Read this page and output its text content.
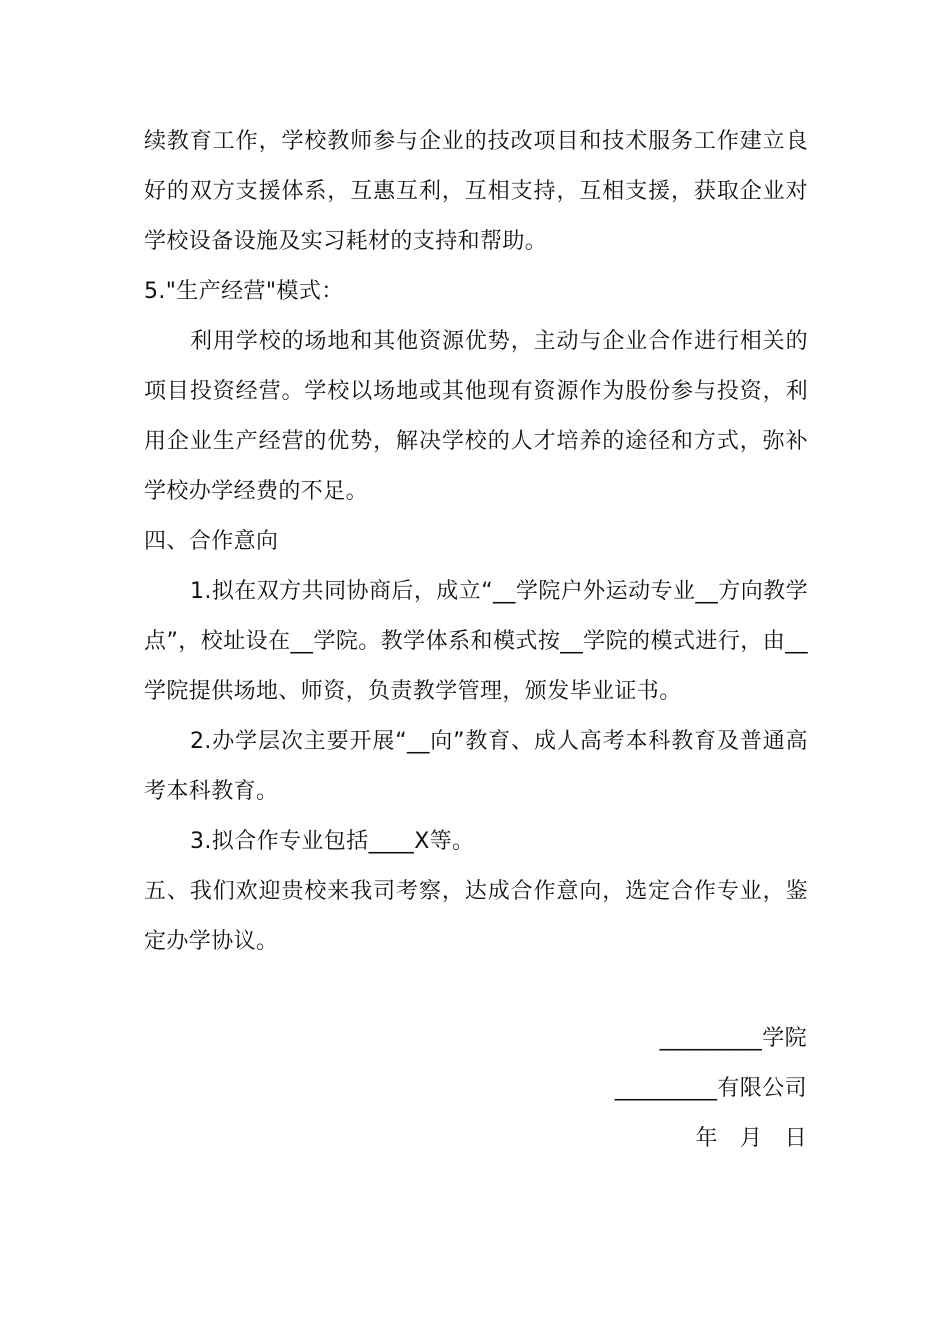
续教育工作，学校教师参与企业的技改项目和技术服务工作建立良好的双方支援体系，互惠互利，互相支持，互相支援，获取企业对学校设备设施及实习耗材的支持和帮助。

5."生产经营"模式：

利用学校的场地和其他资源优势，主动与企业合作进行相关的项目投资经营。学校以场地或其他现有资源作为股份参与投资，利用企业生产经营的优势，解决学校的人才培养的途径和方式，弥补学校办学经费的不足。

四、合作意向

1.拟在双方共同协商后，成立“__学院户外运动专业__方向教学点”，校址设在__学院。教学体系和模式按__学院的模式进行，由__学院提供场地、师资，负责教学管理，颁发毕业证书。

2.办学层次主要开展“__向”教育、成人高考本科教育及普通高考本科教育。

3.拟合作专业包括____X等。

五、我们欢迎贵校来我司考察，达成合作意向，选定合作专业，鉴定办学协议。

_________学院

_________有限公司

年   月   日
